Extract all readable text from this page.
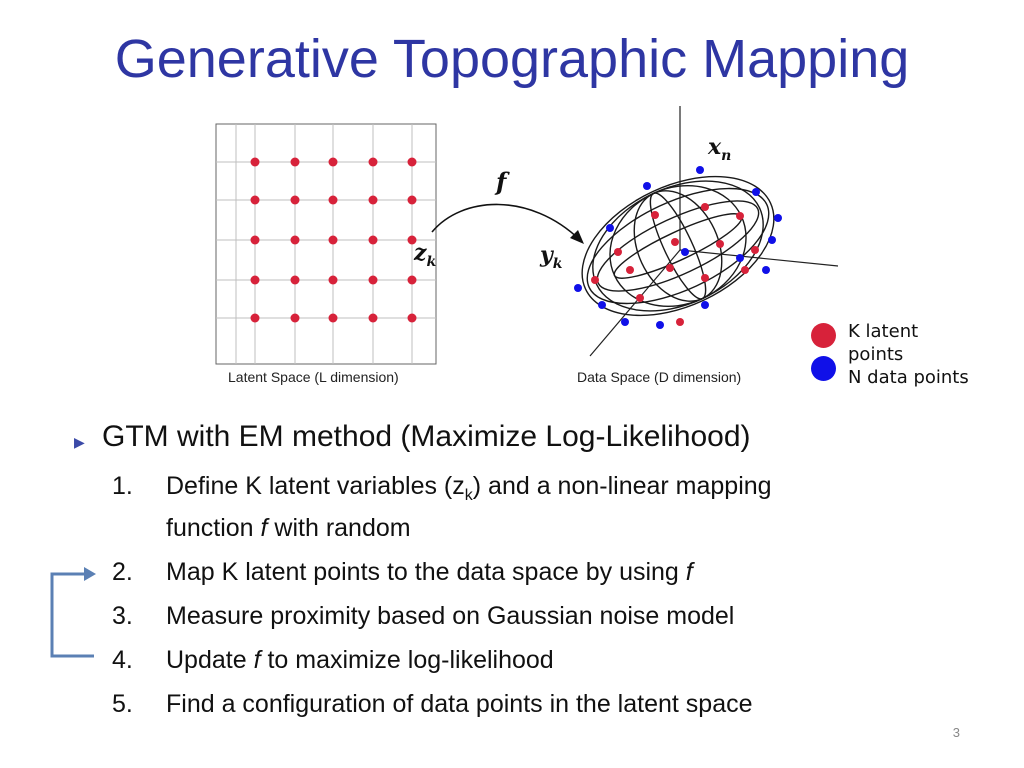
Generative Topographic Mapping
Latent Space (L dimension)
$z_k$
f
$y_k$
$x_n$
Data Space (D dimension)
K latent
points
N data points
▶ GTM with EM method (Maximize Log-Likelihood)
1.	Define K latent variables $(z_k)$ and a non-linear mapping
function f with random
2.	Map K latent points to the data space by using f
3.	Measure proximity based on Gaussian noise model
4.	Update f to maximize log-likelihood
5.	Find a configuration of data points in the latent space
3
